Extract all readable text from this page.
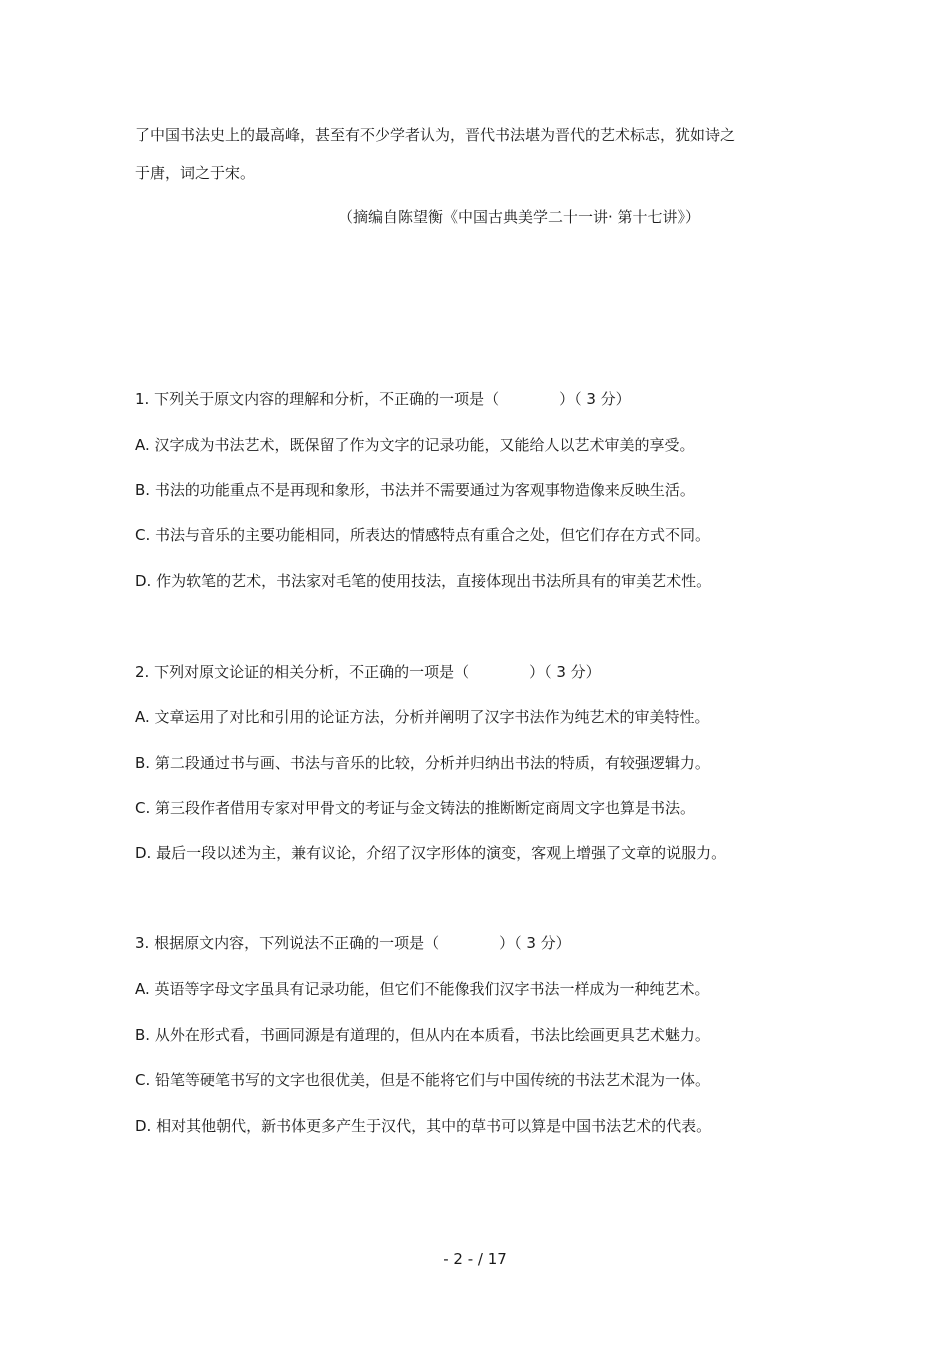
了中国书法史上的最高峰，甚至有不少学者认为，晋代书法堪为晋代的艺术标志，犹如诗之

于唐，词之于宋。

（摘编自陈望衡《中国古典美学二十一讲· 第十七讲》）

1. 下列关于原文内容的理解和分析，不正确的一项是（　　　　）（ 3 分）

A. 汉字成为书法艺术，既保留了作为文字的记录功能，又能给人以艺术审美的享受。

B. 书法的功能重点不是再现和象形，书法并不需要通过为客观事物造像来反映生活。

C. 书法与音乐的主要功能相同，所表达的情感特点有重合之处，但它们存在方式不同。

D. 作为软笔的艺术，书法家对毛笔的使用技法，直接体现出书法所具有的审美艺术性。

2. 下列对原文论证的相关分析，不正确的一项是（　　　　）（ 3 分）

A. 文章运用了对比和引用的论证方法，分析并阐明了汉字书法作为纯艺术的审美特性。

B. 第二段通过书与画、书法与音乐的比较，分析并归纳出书法的特质，有较强逻辑力。

C. 第三段作者借用专家对甲骨文的考证与金文铸法的推断断定商周文字也算是书法。

D. 最后一段以述为主，兼有议论，介绍了汉字形体的演变，客观上增强了文章的说服力。

3. 根据原文内容，下列说法不正确的一项是（　　　　）（ 3 分）

A. 英语等字母文字虽具有记录功能，但它们不能像我们汉字书法一样成为一种纯艺术。

B. 从外在形式看，书画同源是有道理的，但从内在本质看，书法比绘画更具艺术魅力。

C. 铅笔等硬笔书写的文字也很优美，但是不能将它们与中国传统的书法艺术混为一体。

D. 相对其他朝代，新书体更多产生于汉代，其中的草书可以算是中国书法艺术的代表。

- 2 - / 17
